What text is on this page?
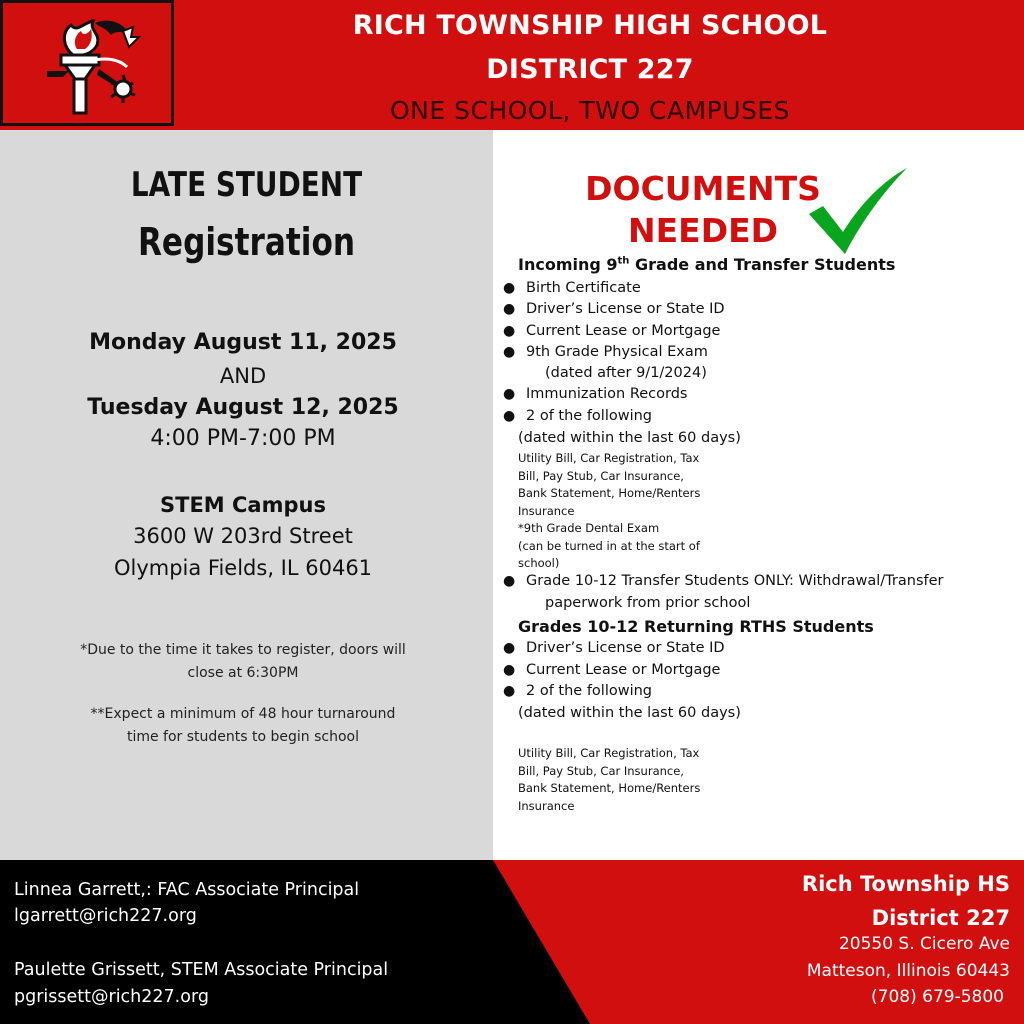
RICH TOWNSHIP HIGH SCHOOL
DISTRICT 227
ONE SCHOOL, TWO CAMPUSES
LATE STUDENT
Registration
Monday August 11, 2025
AND
Tuesday August 12, 2025
4:00 PM-7:00 PM
STEM Campus
3600 W 203rd Street
Olympia Fields, IL 60461
*Due to the time it takes to register, doors will
close at 6:30PM
**Expect a minimum of 48 hour turnaround
time for students to begin school
DOCUMENTS
NEEDED
Incoming 9th Grade and Transfer Students
● Birth Certificate
● Driver’s License or State ID
● Current Lease or Mortgage
● 9th Grade Physical Exam
(dated after 9/1/2024)
● Immunization Records
● 2 of the following
(dated within the last 60 days)
Utility Bill, Car Registration, Tax
Bill, Pay Stub, Car Insurance,
Bank Statement, Home/Renters
Insurance
*9th Grade Dental Exam
(can be turned in at the start of
school)
● Grade 10-12 Transfer Students ONLY: Withdrawal/Transfer
paperwork from prior school
Grades 10-12 Returning RTHS Students
● Driver’s License or State ID
● Current Lease or Mortgage
● 2 of the following
(dated within the last 60 days)
Utility Bill, Car Registration, Tax
Bill, Pay Stub, Car Insurance,
Bank Statement, Home/Renters
Insurance
Linnea Garrett,: FAC Associate Principal
lgarrett@rich227.org
Paulette Grissett, STEM Associate Principal
pgrissett@rich227.org
Rich Township HS
District 227
20550 S. Cicero Ave
Matteson, Illinois 60443
(708) 679-5800
